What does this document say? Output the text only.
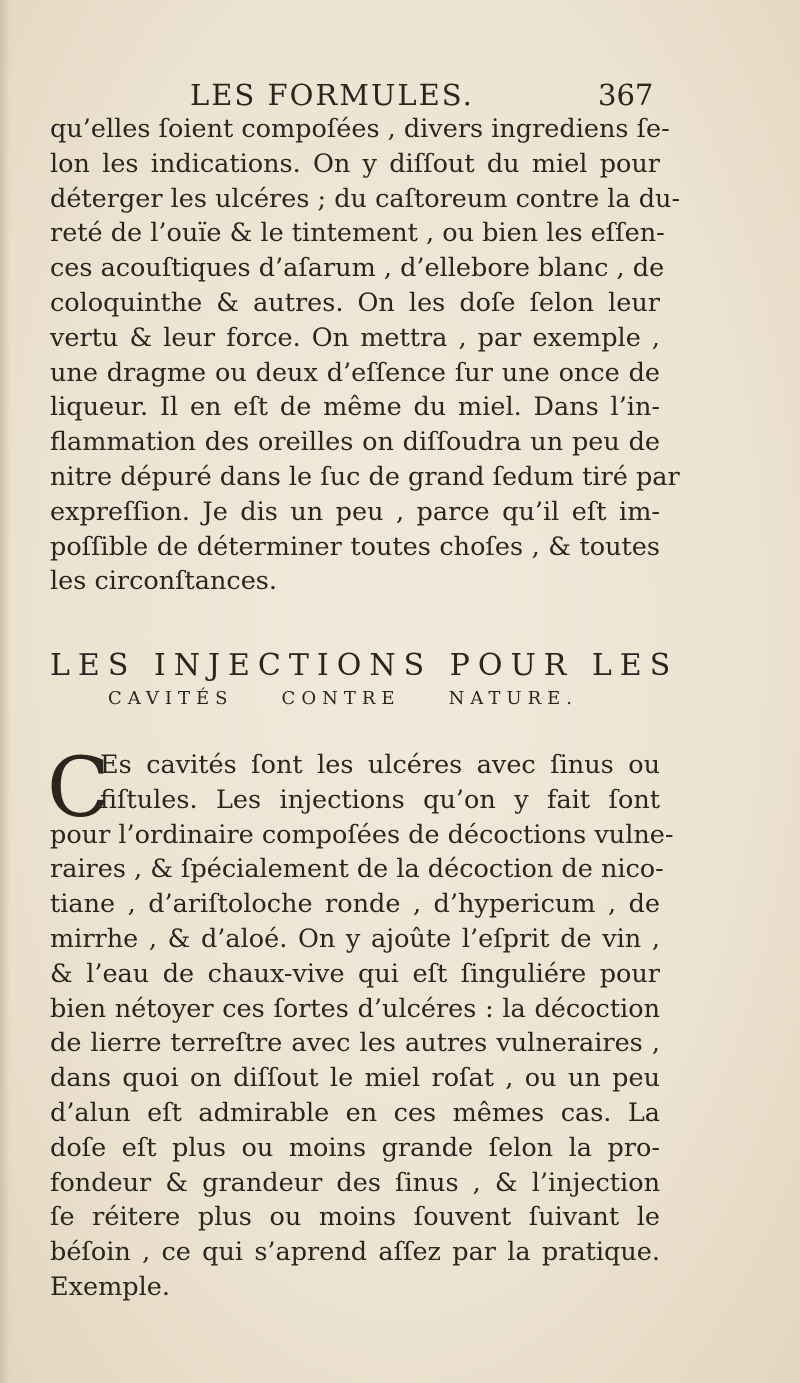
LES FORMULES.	367
qu’elles ſoient compoſées , divers ingrediens ſe-
lon les indications. On y diſſout du miel pour
déterger les ulcéres ; du caſtoreum contre la du-
reté de l’ouïe & le tintement , ou bien les eſſen-
ces acouſtiques d’aſarum , d’ellebore blanc , de
coloquinthe & autres. On les doſe ſelon leur
vertu & leur force. On mettra , par exemple ,
une dragme ou deux d’eſſence ſur une once de
liqueur. Il en eſt de même du miel. Dans l’in-
flammation des oreilles on diſſoudra un peu de
nitre dépuré dans le ſuc de grand ſedum tiré par
expreſſion. Je dis un peu , parce qu’il eſt im-
poſſible de déterminer toutes choſes , & toutes
les circonſtances.
LES INJECTIONS POUR LES
CAVITÉS CONTRE NATURE.
C
Es cavités ſont les ulcéres avec ſinus ou
fiſtules. Les injections qu’on y fait ſont
pour l’ordinaire compoſées de décoctions vulne-
raires , & ſpécialement de la décoction de nico-
tiane , d’ariſtoloche ronde , d’hypericum , de
mirrhe , & d’aloé. On y ajoûte l’eſprit de vin ,
& l’eau de chaux-vive qui eſt ſinguliére pour
bien nétoyer ces ſortes d’ulcéres : la décoction
de lierre terreſtre avec les autres vulneraires ,
dans quoi on diſſout le miel roſat , ou un peu
d’alun eſt admirable en ces mêmes cas. La
doſe eſt plus ou moins grande ſelon la pro-
fondeur & grandeur des ſinus , & l’injection
ſe réitere plus ou moins ſouvent ſuivant le
béſoin , ce qui s’aprend aſſez par la pratique.
Exemple.
